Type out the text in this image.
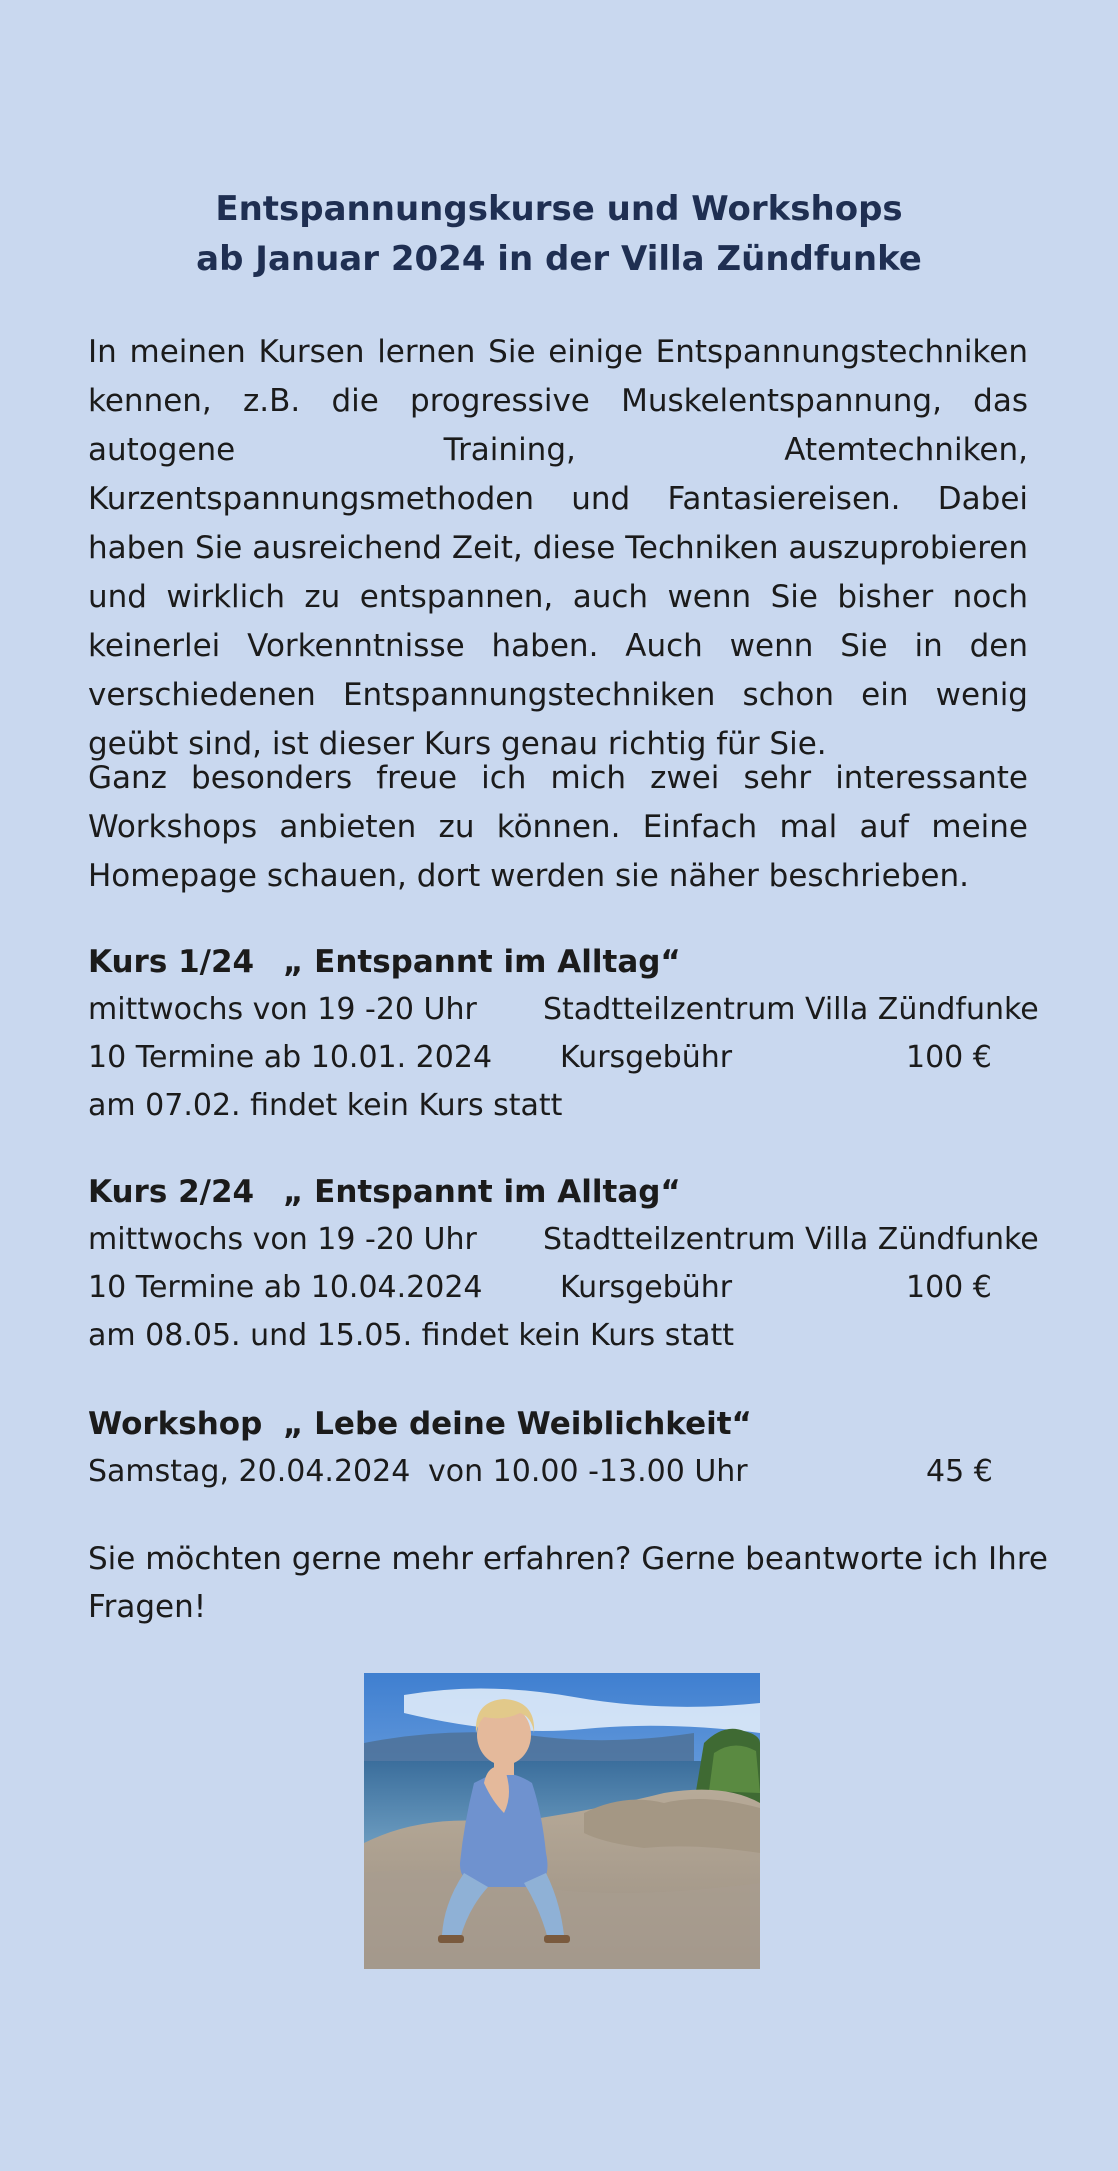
Entspannungskurse und Workshops
ab Januar 2024 in der Villa Zündfunke

In meinen Kursen lernen Sie einige Entspannungstechniken kennen, z.B. die progressive Muskelentspannung, das autogene Training, Atemtechniken, Kurzentspannungsmethoden und Fantasiereisen. Dabei haben Sie ausreichend Zeit, diese Techniken auszuprobieren und wirklich zu entspannen, auch wenn Sie bisher noch keinerlei Vorkenntnisse haben. Auch wenn Sie in den verschiedenen Entspannungstechniken schon ein wenig geübt sind, ist dieser Kurs genau richtig für Sie.

Ganz besonders freue ich mich zwei sehr interessante Workshops anbieten zu können. Einfach mal auf meine Homepage schauen, dort werden sie näher beschrieben.

Kurs 1/24 „ Entspannt im Alltag“
mittwochs von 19 -20 Uhr Stadtteilzentrum Villa Zündfunke
10 Termine ab 10.01. 2024 Kursgebühr	100 €
am 07.02. findet kein Kurs statt
Kurs 2/24 „ Entspannt im Alltag“
mittwochs von 19 -20 Uhr Stadtteilzentrum Villa Zündfunke
10 Termine ab 10.04.2024	Kursgebühr	100 €
am 08.05. und 15.05. findet kein Kurs statt
Workshop „ Lebe deine Weiblichkeit“
Samstag, 20.04.2024 von 10.00 -13.00 Uhr	45 €

Sie möchten gerne mehr erfahren? Gerne beantworte ich Ihre Fragen!
